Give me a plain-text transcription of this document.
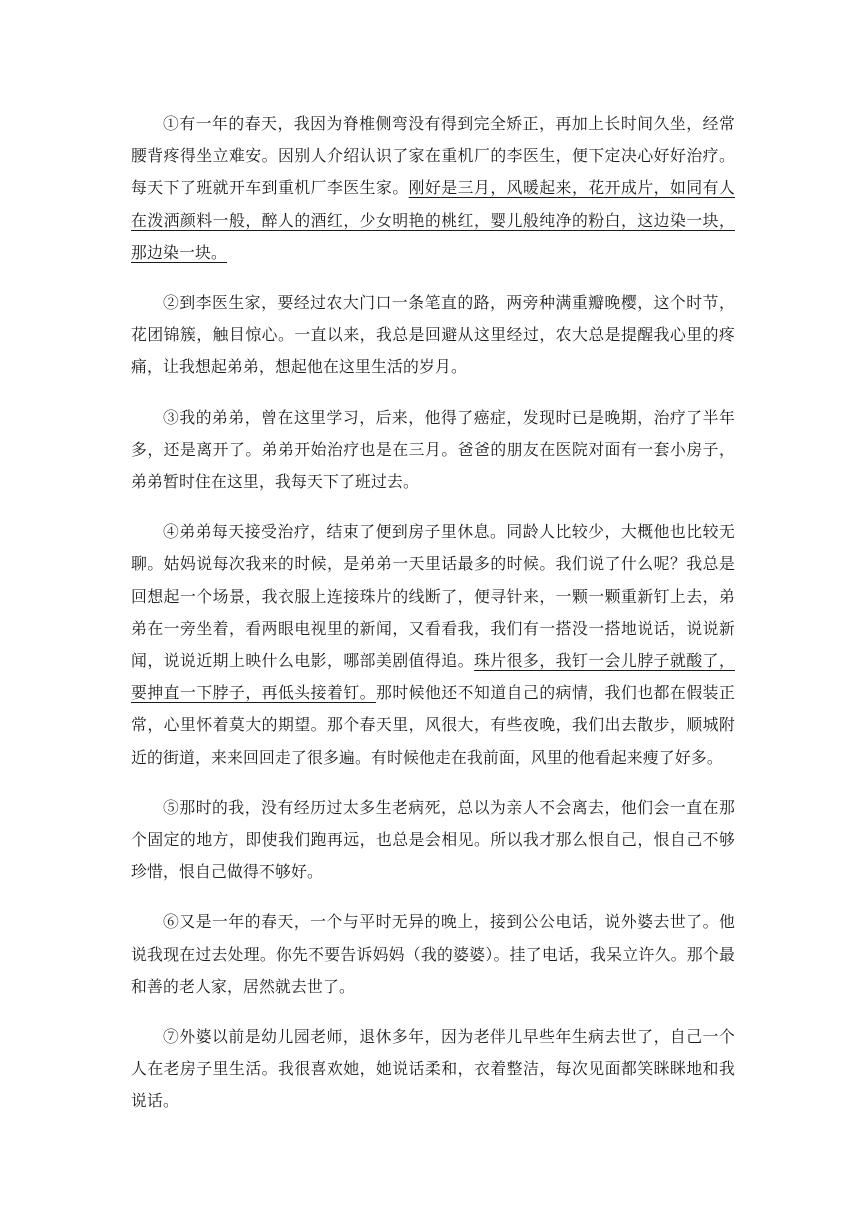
①有一年的春天，我因为脊椎侧弯没有得到完全矫正，再加上长时间久坐，经常腰背疼得坐立难安。因别人介绍认识了家在重机厂的李医生，便下定决心好好治疗。每天下了班就开车到重机厂李医生家。刚好是三月，风暖起来，花开成片，如同有人在泼洒颜料一般，醉人的酒红，少女明艳的桃红，婴儿般纯净的粉白，这边染一块，那边染一块。

②到李医生家，要经过农大门口一条笔直的路，两旁种满重瓣晚樱，这个时节，花团锦簇，触目惊心。一直以来，我总是回避从这里经过，农大总是提醒我心里的疼痛，让我想起弟弟，想起他在这里生活的岁月。

③我的弟弟，曾在这里学习，后来，他得了癌症，发现时已是晚期，治疗了半年多，还是离开了。弟弟开始治疗也是在三月。爸爸的朋友在医院对面有一套小房子，弟弟暂时住在这里，我每天下了班过去。

④弟弟每天接受治疗，结束了便到房子里休息。同龄人比较少，大概他也比较无聊。姑妈说每次我来的时候，是弟弟一天里话最多的时候。我们说了什么呢？我总是回想起一个场景，我衣服上连接珠片的线断了，便寻针来，一颗一颗重新钉上去，弟弟在一旁坐着，看两眼电视里的新闻，又看看我，我们有一搭没一搭地说话，说说新闻，说说近期上映什么电影，哪部美剧值得追。珠片很多，我钉一会儿脖子就酸了，要抻直一下脖子，再低头接着钉。那时候他还不知道自己的病情，我们也都在假装正常，心里怀着莫大的期望。那个春天里，风很大，有些夜晚，我们出去散步，顺城附近的街道，来来回回走了很多遍。有时候他走在我前面，风里的他看起来瘦了好多。

⑤那时的我，没有经历过太多生老病死，总以为亲人不会离去，他们会一直在那个固定的地方，即使我们跑再远，也总是会相见。所以我才那么恨自己，恨自己不够珍惜，恨自己做得不够好。

⑥又是一年的春天，一个与平时无异的晚上，接到公公电话，说外婆去世了。他说我现在过去处理。你先不要告诉妈妈（我的婆婆）。挂了电话，我呆立许久。那个最和善的老人家，居然就去世了。

⑦外婆以前是幼儿园老师，退休多年，因为老伴儿早些年生病去世了，自己一个人在老房子里生活。我很喜欢她，她说话柔和，衣着整洁，每次见面都笑眯眯地和我说话。
